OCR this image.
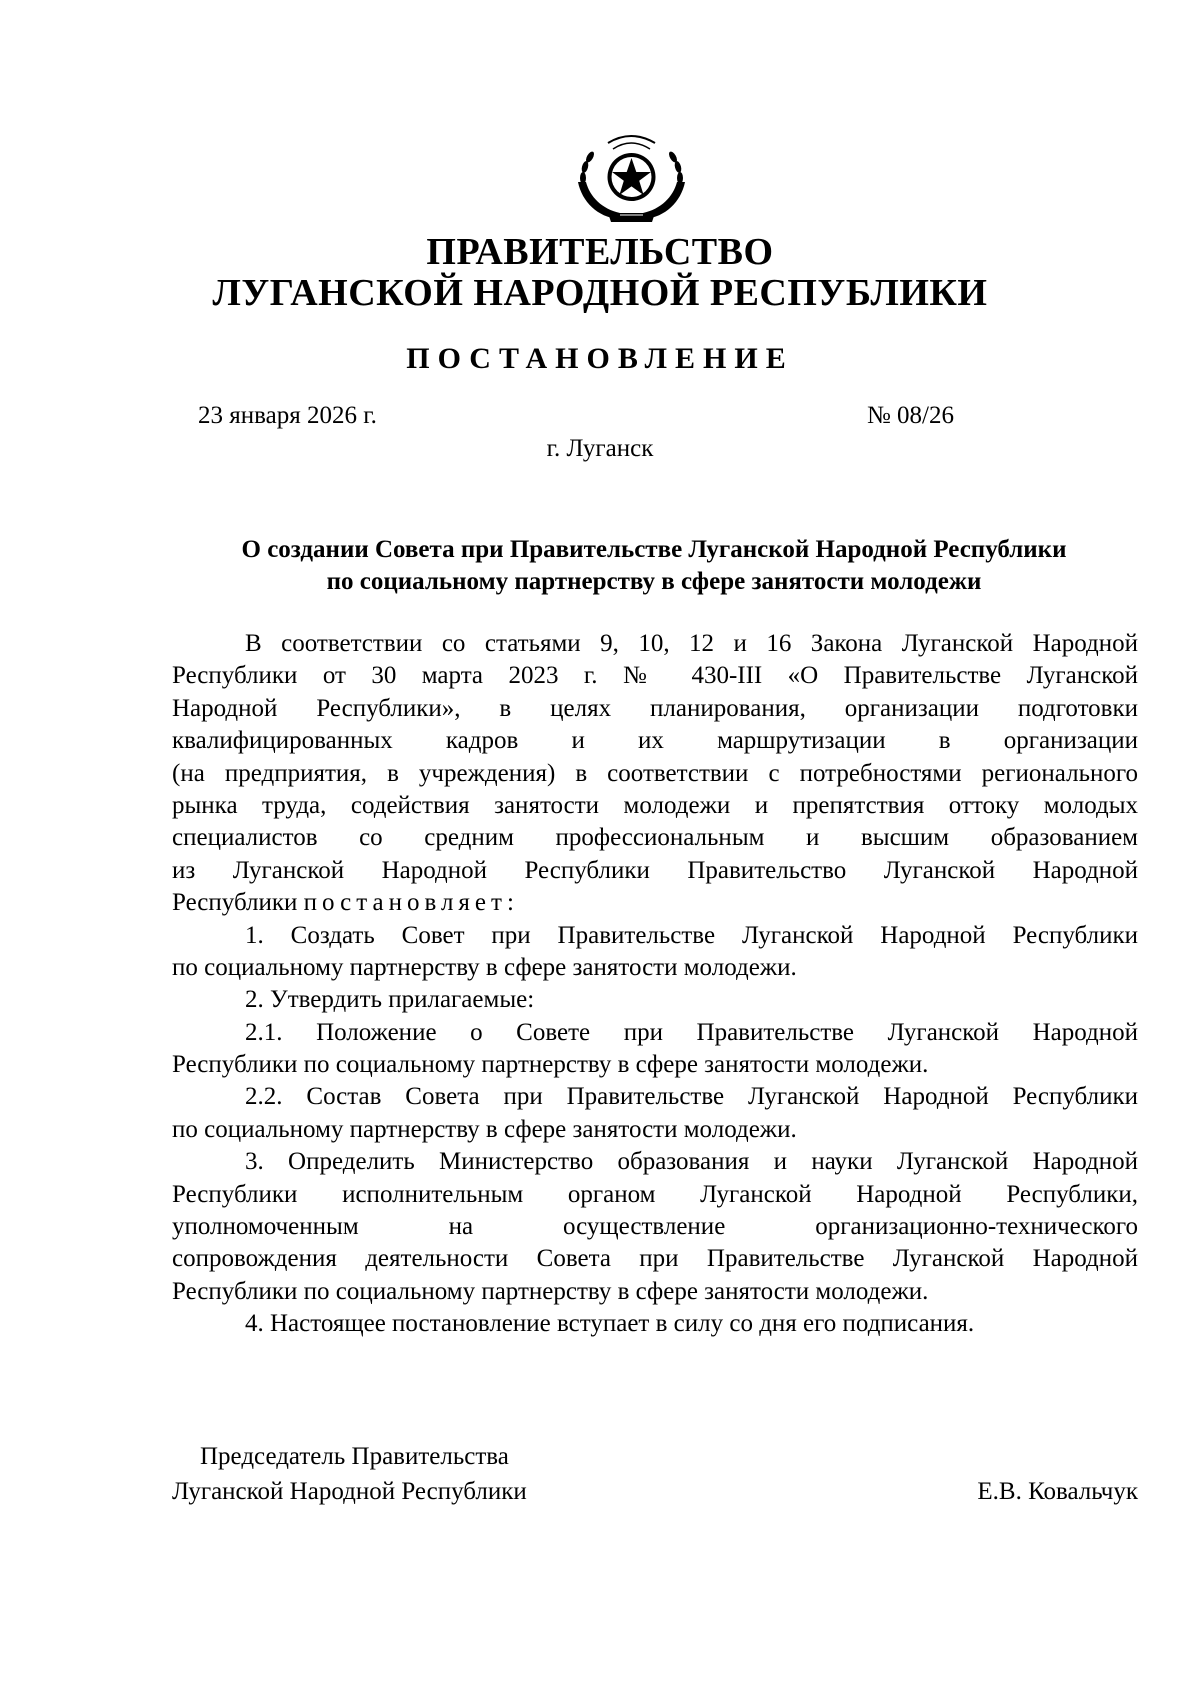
ПРАВИТЕЛЬСТВО
ЛУГАНСКОЙ НАРОДНОЙ РЕСПУБЛИКИ
ПОСТАНОВЛЕНИЕ
23 января 2026 г.	№ 08/26
г. Луганск
О создании Совета при Правительстве Луганской Народной Республики
по социальному партнерству в сфере занятости молодежи
В соответствии со статьями 9, 10, 12 и 16 Закона Луганской Народной
Республики от 30 марта 2023 г. № 430-III «О Правительстве Луганской
Народной Республики», в целях планирования, организации подготовки
квалифицированных кадров и их маршрутизации в организации
(на предприятия, в учреждения) в соответствии с потребностями регионального
рынка труда, содействия занятости молодежи и препятствия оттоку молодых
специалистов со средним профессиональным и высшим образованием
из Луганской Народной Республики Правительство Луганской Народной
Республики постановляет:
1. Создать Совет при Правительстве Луганской Народной Республики
по социальному партнерству в сфере занятости молодежи.
2. Утвердить прилагаемые:
2.1. Положение о Совете при Правительстве Луганской Народной
Республики по социальному партнерству в сфере занятости молодежи.
2.2. Состав Совета при Правительстве Луганской Народной Республики
по социальному партнерству в сфере занятости молодежи.
3. Определить Министерство образования и науки Луганской Народной
Республики исполнительным органом Луганской Народной Республики,
уполномоченным на осуществление организационно-технического
сопровождения деятельности Совета при Правительстве Луганской Народной
Республики по социальному партнерству в сфере занятости молодежи.
4. Настоящее постановление вступает в силу со дня его подписания.
Председатель Правительства
Луганской Народной Республики	Е.В. Ковальчук
